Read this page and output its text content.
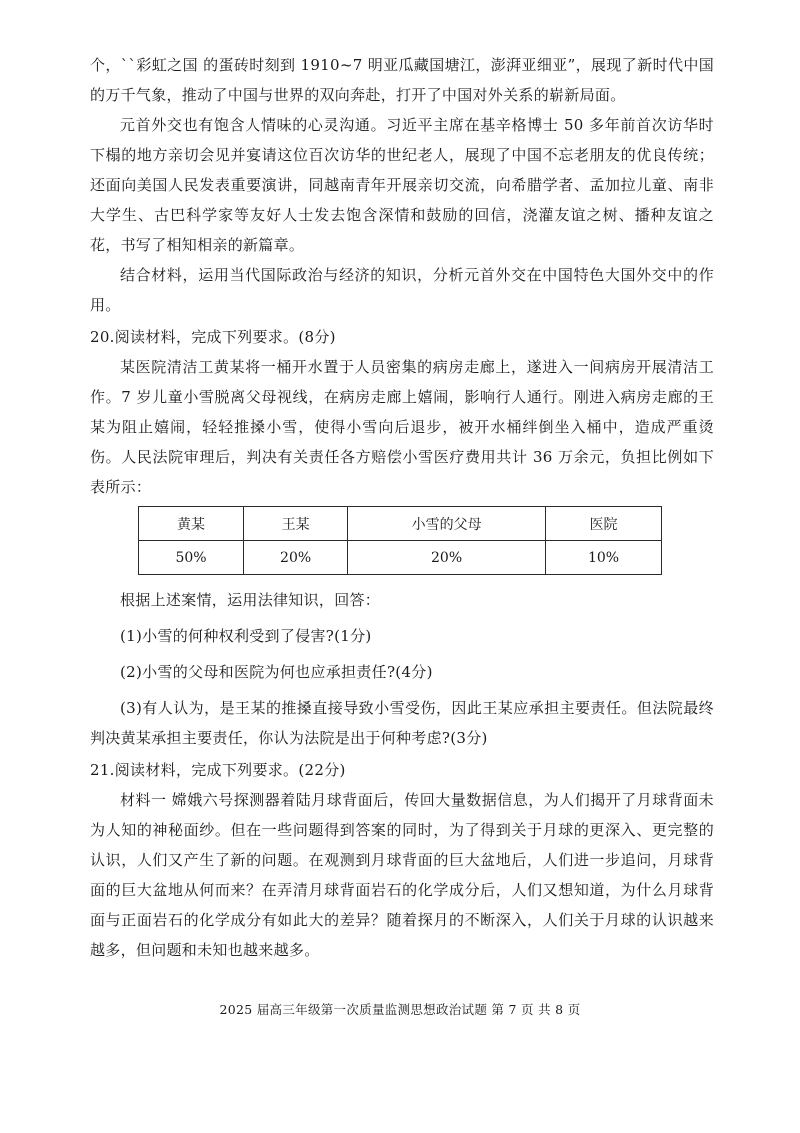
个，``彩虹之国 的蛋砖时刻到 1910~7 明亚瓜藏国塘江，澎湃亚细亚”，展现了新时代中国的万千气象，推动了中国与世界的双向奔赴，打开了中国对外关系的崭新局面。

元首外交也有饱含人情味的心灵沟通。习近平主席在基辛格博士 50 多年前首次访华时下榻的地方亲切会见并宴请这位百次访华的世纪老人，展现了中国不忘老朋友的优良传统；还面向美国人民发表重要演讲，同越南青年开展亲切交流，向希腊学者、孟加拉儿童、南非大学生、古巴科学家等友好人士发去饱含深情和鼓励的回信，浇灌友谊之树、播种友谊之花，书写了相知相亲的新篇章。

结合材料，运用当代国际政治与经济的知识，分析元首外交在中国特色大国外交中的作用。

20.阅读材料，完成下列要求。(8分)

某医院清洁工黄某将一桶开水置于人员密集的病房走廊上，遂进入一间病房开展清洁工作。7 岁儿童小雪脱离父母视线，在病房走廊上嬉闹，影响行人通行。刚进入病房走廊的王某为阻止嬉闹，轻轻推搡小雪，使得小雪向后退步，被开水桶绊倒坐入桶中，造成严重烫伤。人民法院审理后，判决有关责任各方赔偿小雪医疗费用共计 36 万余元，负担比例如下表所示：

黄某	王某	小雪的父母	医院
50%	20%	20%	10%

根据上述案情，运用法律知识，回答：

(1)小雪的何种权利受到了侵害?(1分)

(2)小雪的父母和医院为何也应承担责任?(4分)

(3)有人认为，是王某的推搡直接导致小雪受伤，因此王某应承担主要责任。但法院最终判决黄某承担主要责任，你认为法院是出于何种考虑?(3分)

21.阅读材料，完成下列要求。(22分)

材料一 嫦娥六号探测器着陆月球背面后，传回大量数据信息，为人们揭开了月球背面未为人知的神秘面纱。但在一些问题得到答案的同时，为了得到关于月球的更深入、更完整的认识，人们又产生了新的问题。在观测到月球背面的巨大盆地后，人们进一步追问，月球背面的巨大盆地从何而来？在弄清月球背面岩石的化学成分后，人们又想知道，为什么月球背面与正面岩石的化学成分有如此大的差异？随着探月的不断深入，人们关于月球的认识越来越多，但问题和未知也越来越多。

2025 届高三年级第一次质量监测思想政治试题 第 7 页 共 8 页
